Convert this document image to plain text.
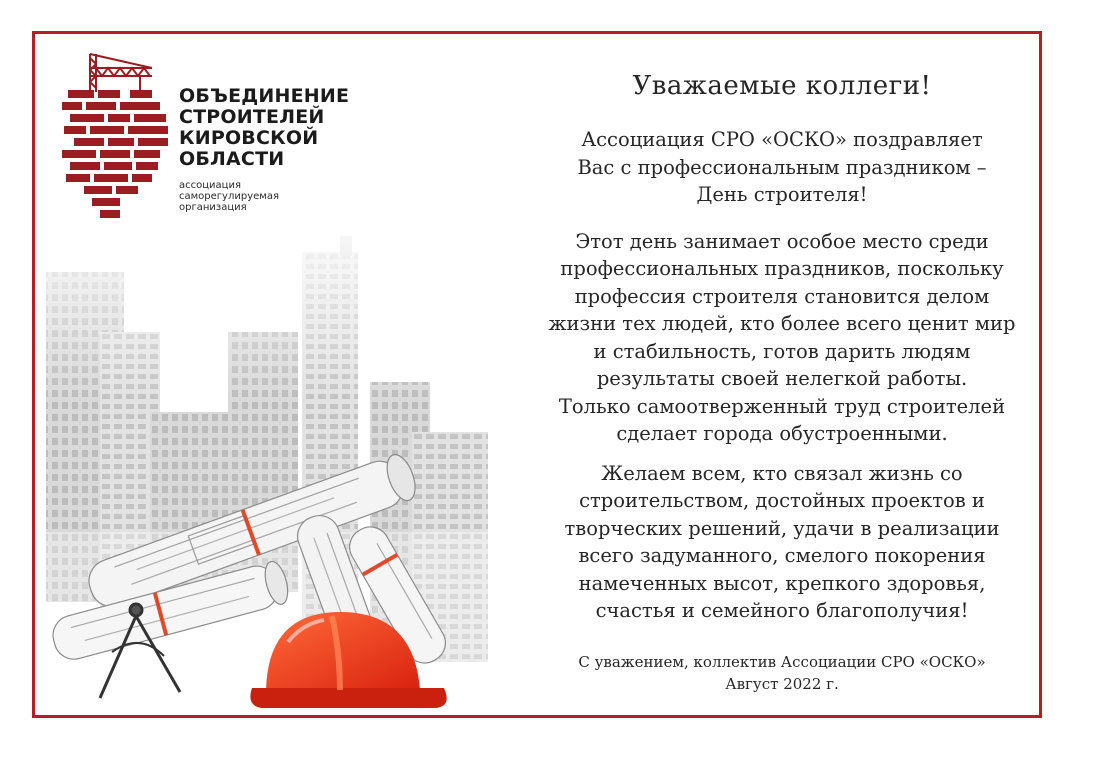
ОБЪЕДИНЕНИЕ
СТРОИТЕЛЕЙ
КИРОВСКОЙ
ОБЛАСТИ
ассоциация
саморегулируемая
организация
Уважаемые коллеги!

Ассоциация СРО «ОСКО» поздравляет
Вас с профессиональным праздником –
День строителя!

Этот день занимает особое место среди
профессиональных праздников, поскольку
профессия строителя становится делом
жизни тех людей, кто более всего ценит мир
и стабильность, готов дарить людям
результаты своей нелегкой работы.
Только самоотверженный труд строителей
сделает города обустроенными.

Желаем всем, кто связал жизнь со
строительством, достойных проектов и
творческих решений, удачи в реализации
всего задуманного, смелого покорения
намеченных высот, крепкого здоровья,
счастья и семейного благополучия!

С уважением, коллектив Ассоциации СРО «ОСКО»
Август 2022 г.
